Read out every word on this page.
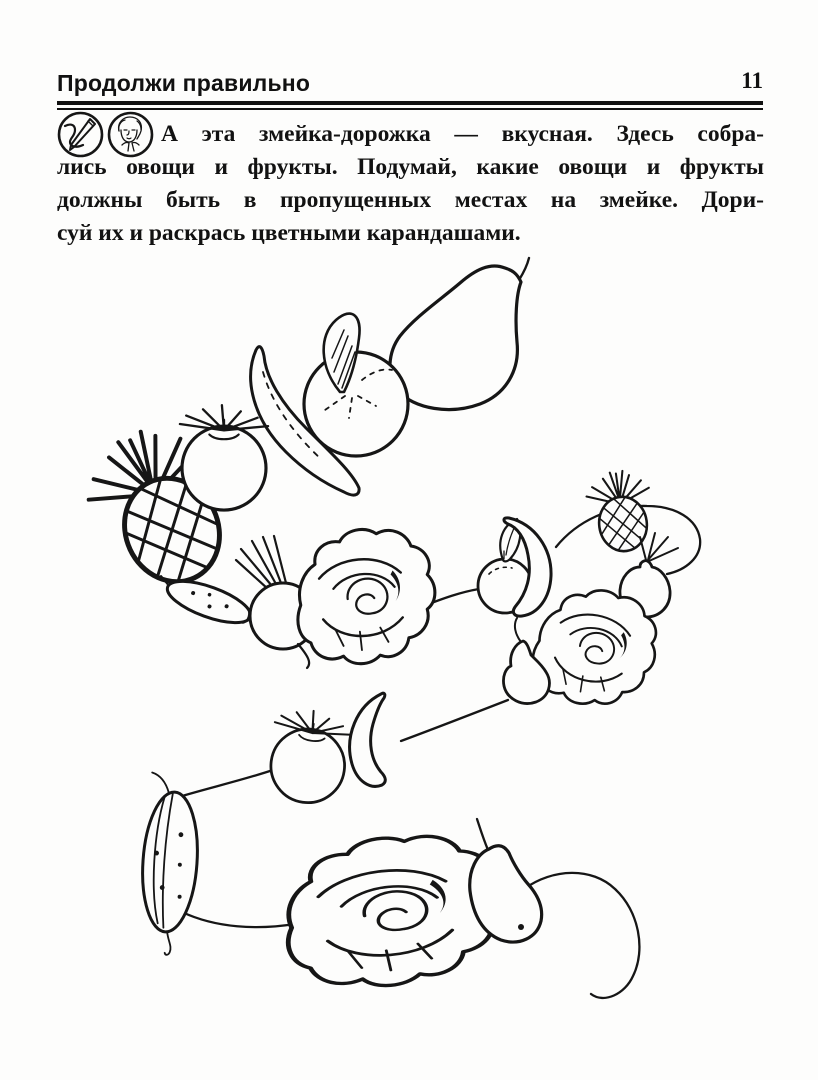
Продолжи правильно	11
А эта змейка-дорожка — вкусная. Здесь собра-
лись овощи и фрукты. Подумай, какие овощи и фрукты
должны быть в пропущенных местах на змейке. Дори-
суй их и раскрась цветными карандашами.
